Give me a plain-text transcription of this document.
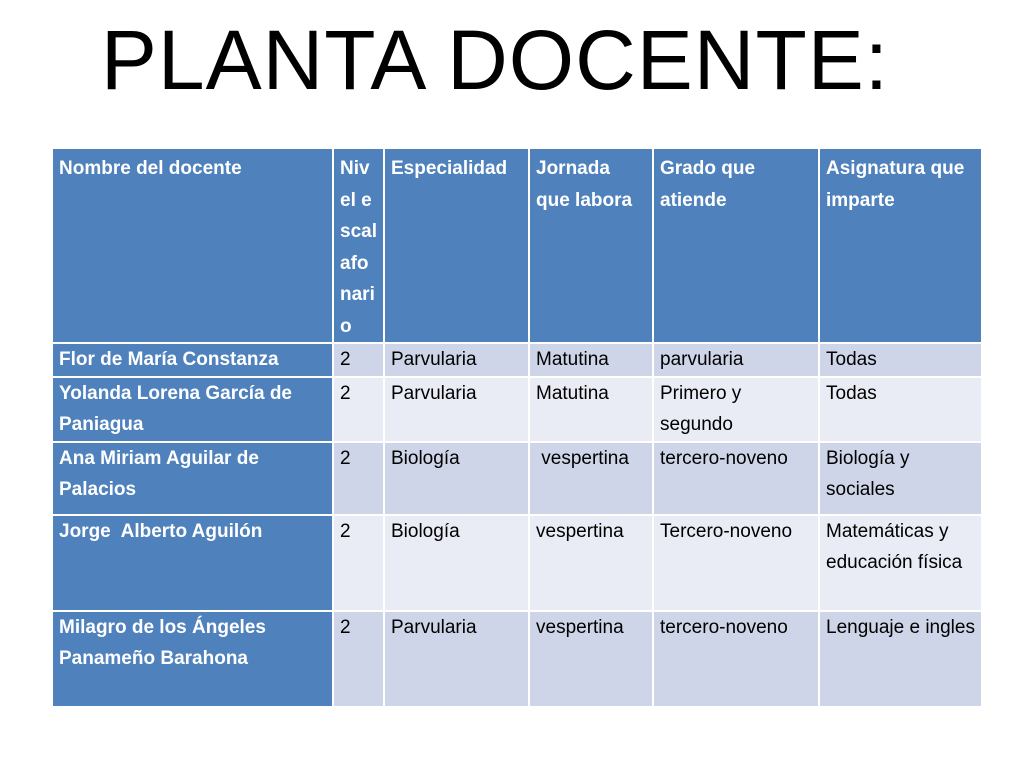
PLANTA DOCENTE:
Nombre del docente	Nivel escalafonario	Especialidad	Jornada que labora	Grado que atiende	Asignatura que imparte
Flor de María Constanza	2	Parvularia	Matutina	parvularia	Todas
Yolanda Lorena García de Paniagua	2	Parvularia	Matutina	Primero y segundo	Todas
Ana Miriam Aguilar de Palacios	2	Biología	vespertina	tercero-noveno	Biología y sociales
Jorge  Alberto Aguilón	2	Biología	vespertina	Tercero-noveno	Matemáticas y educación física
Milagro de los Ángeles Panameño Barahona	2	Parvularia	vespertina	tercero-noveno	Lenguaje e ingles
